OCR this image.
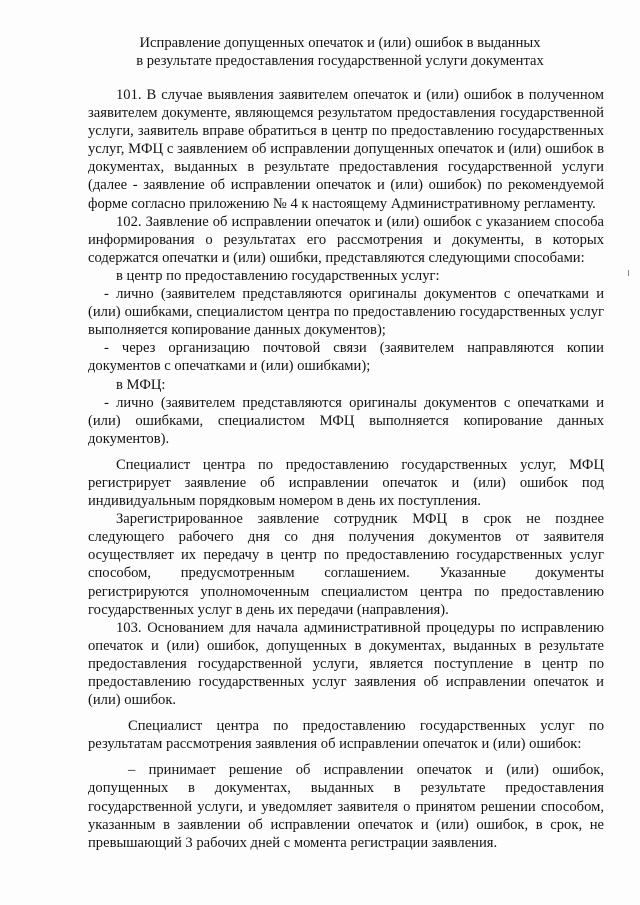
Исправление допущенных опечаток и (или) ошибок в выданных
в результате предоставления государственной услуги документах

101. В случае выявления заявителем опечаток и (или) ошибок в полученном заявителем документе, являющемся результатом предоставления государственной услуги, заявитель вправе обратиться в центр по предоставлению государственных услуг, МФЦ с заявлением об исправлении допущенных опечаток и (или) ошибок в документах, выданных в результате предоставления государственной услуги (далее - заявление об исправлении опечаток и (или) ошибок) по рекомендуемой форме согласно приложению № 4 к настоящему Административному регламенту.

102. Заявление об исправлении опечаток и (или) ошибок с указанием способа информирования о результатах его рассмотрения и документы, в которых содержатся опечатки и (или) ошибки, представляются следующими способами:

в центр по предоставлению государственных услуг:

- лично (заявителем представляются оригиналы документов с опечатками и (или) ошибками, специалистом центра по предоставлению государственных услуг выполняется копирование данных документов);

- через организацию почтовой связи (заявителем направляются копии документов с опечатками и (или) ошибками);

в МФЦ:

- лично (заявителем представляются оригиналы документов с опечатками и (или) ошибками, специалистом МФЦ выполняется копирование данных документов).

Специалист центра по предоставлению государственных услуг, МФЦ регистрирует заявление об исправлении опечаток и (или) ошибок под индивидуальным порядковым номером в день их поступления.

Зарегистрированное заявление сотрудник МФЦ в срок не позднее следующего рабочего дня со дня получения документов от заявителя осуществляет их передачу в центр по предоставлению государственных услуг способом, предусмотренным соглашением. Указанные документы регистрируются уполномоченным специалистом центра по предоставлению государственных услуг в день их передачи (направления).

103. Основанием для начала административной процедуры по исправлению опечаток и (или) ошибок, допущенных в документах, выданных в результате предоставления государственной услуги, является поступление в центр по предоставлению государственных услуг заявления об исправлении опечаток и (или) ошибок.

Специалист центра по предоставлению государственных услуг по результатам рассмотрения заявления об исправлении опечаток и (или) ошибок:

– принимает решение об исправлении опечаток и (или) ошибок, допущенных в документах, выданных в результате предоставления государственной услуги, и уведомляет заявителя о принятом решении способом, указанным в заявлении об исправлении опечаток и (или) ошибок, в срок, не превышающий 3 рабочих дней с момента регистрации заявления.
